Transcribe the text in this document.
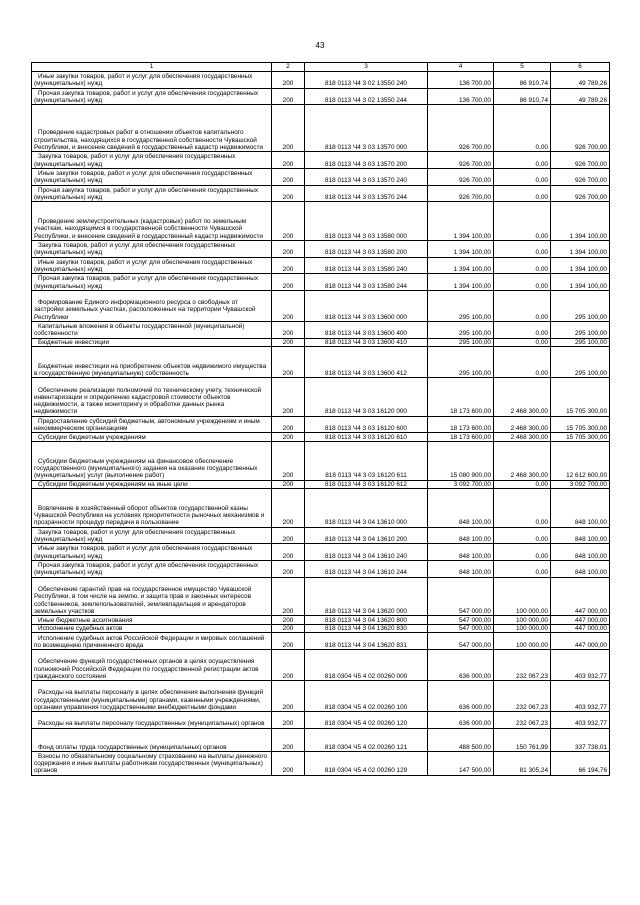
43
1	2	3	4	5	6
Иные закупки товаров, работ и услуг для обеспечения государственных (муниципальных) нужд	200	818 0113 Ч4 3 02 13550 240	136 700,00	86 910,74	49 789,26
Прочая закупка товаров, работ и услуг для обеспечения государственных (муниципальных) нужд	200	818 0113 Ч4 3 02 13550 244	136 700,00	86 910,74	49 789,26
Проведение кадастровых работ в отношении объектов капитального строительства, находящихся в государственной собственности Чувашской Республики, и внесение сведений в государственный кадастр недвижимости	200	818 0113 Ч4 3 03 13570 000	926 700,00	0,00	926 700,00
Закупка товаров, работ и услуг для обеспечения государственных (муниципальных) нужд	200	818 0113 Ч4 3 03 13570 200	926 700,00	0,00	926 700,00
Иные закупки товаров, работ и услуг для обеспечения государственных (муниципальных) нужд	200	818 0113 Ч4 3 03 13570 240	926 700,00	0,00	926 700,00
Прочая закупка товаров, работ и услуг для обеспечения государственных (муниципальных) нужд	200	818 0113 Ч4 3 03 13570 244	926 700,00	0,00	926 700,00
Проведение землеустроительных (кадастровых) работ по земельным участкам, находящимся в государственной собственности Чувашской Республики, и внесение сведений в государственный кадастр недвижимости	200	818 0113 Ч4 3 03 13580 000	1 394 100,00	0,00	1 394 100,00
Закупка товаров, работ и услуг для обеспечения государственных (муниципальных) нужд	200	818 0113 Ч4 3 03 13580 200	1 394 100,00	0,00	1 394 100,00
Иные закупки товаров, работ и услуг для обеспечения государственных (муниципальных) нужд	200	818 0113 Ч4 3 03 13580 240	1 394 100,00	0,00	1 394 100,00
Прочая закупка товаров, работ и услуг для обеспечения государственных (муниципальных) нужд	200	818 0113 Ч4 3 03 13580 244	1 394 100,00	0,00	1 394 100,00
Формирование Единого информационного ресурса о свободных от застройки земельных участках, расположенных на территории Чувашской Республики	200	818 0113 Ч4 3 03 13600 000	295 100,00	0,00	295 100,00
Капитальные вложения в объекты государственной (муниципальной) собственности	200	818 0113 Ч4 3 03 13600 400	295 100,00	0,00	295 100,00
Бюджетные инвестиции	200	818 0113 Ч4 3 03 13600 410	295 100,00	0,00	295 100,00
Бюджетные инвестиции на приобретение объектов недвижимого имущества в государственную (муниципальную) собственность	200	818 0113 Ч4 3 03 13600 412	295 100,00	0,00	295 100,00
Обеспечение реализации полномочий по техническому учету, технической инвентаризации и определению кадастровой стоимости объектов недвижимости, а также мониторингу и обработке данных рынка недвижимости	200	818 0113 Ч4 3 03 16120 000	18 173 600,00	2 468 300,00	15 705 300,00
Предоставление субсидий бюджетным, автономным учреждениям и иным некоммерческим организациям	200	818 0113 Ч4 3 03 16120 600	18 173 600,00	2 468 300,00	15 705 300,00
Субсидии бюджетным учреждениям	200	818 0113 Ч4 3 03 16120 610	18 173 600,00	2 468 300,00	15 705 300,00
Субсидии бюджетным учреждениям на финансовое обеспечение государственного (муниципального) задания на оказание государственных (муниципальных) услуг (выполнение работ)	200	818 0113 Ч4 3 03 16120 611	15 080 900,00	2 468 300,00	12 612 600,00
Субсидии бюджетным учреждениям на иные цели	200	818 0113 Ч4 3 03 16120 612	3 092 700,00	0,00	3 092 700,00
Вовлечение в хозяйственный оборот объектов государственной казны Чувашской Республики на условиях приоритетности рыночных механизмов и прозрачности процедур передачи в пользование	200	818 0113 Ч4 3 04 13610 000	848 100,00	0,00	848 100,00
Закупка товаров, работ и услуг для обеспечения государственных (муниципальных) нужд	200	818 0113 Ч4 3 04 13610 200	848 100,00	0,00	848 100,00
Иные закупки товаров, работ и услуг для обеспечения государственных (муниципальных) нужд	200	818 0113 Ч4 3 04 13610 240	848 100,00	0,00	848 100,00
Прочая закупка товаров, работ и услуг для обеспечения государственных (муниципальных) нужд	200	818 0113 Ч4 3 04 13610 244	848 100,00	0,00	848 100,00
Обеспечение гарантий прав на государственное имущество Чувашской Республики, в том числе на землю, и защита прав и законных интересов собственников, землепользователей, землевладельцев и арендаторов земельных участков	200	818 0113 Ч4 3 04 13620 000	547 000,00	100 000,00	447 000,00
Иные бюджетные ассигнования	200	818 0113 Ч4 3 04 13620 800	547 000,00	100 000,00	447 000,00
Исполнение судебных актов	200	818 0113 Ч4 3 04 13620 830	547 000,00	100 000,00	447 000,00
Исполнение судебных актов Российской Федерации и мировых соглашений по возмещению причиненного вреда	200	818 0113 Ч4 3 04 13620 831	547 000,00	100 000,00	447 000,00
Обеспечение функций государственных органов в целях осуществления полномочий Российской Федерации по государственной регистрации актов гражданского состояния	200	818 0304 Ч5 4 02 00260 000	636 000,00	232 067,23	403 932,77
Расходы на выплаты персоналу в целях обеспечения выполнения функций государственными (муниципальными) органами, казенными учреждениями, органами управления государственными внебюджетными фондами	200	818 0304 Ч5 4 02 00260 100	636 000,00	232 067,23	403 932,77
Расходы на выплаты персоналу государственных (муниципальных) органов	200	818 0304 Ч5 4 02 00260 120	636 000,00	232 067,23	403 932,77
Фонд оплаты труда государственных (муниципальных) органов	200	818 0304 Ч5 4 02 00260 121	488 500,00	150 761,99	337 738,01
Взносы по обязательному социальному страхованию на выплаты денежного содержания и иные выплаты работникам государственных (муниципальных) органов	200	818 0304 Ч5 4 02 00260 129	147 500,00	81 305,24	66 194,76
